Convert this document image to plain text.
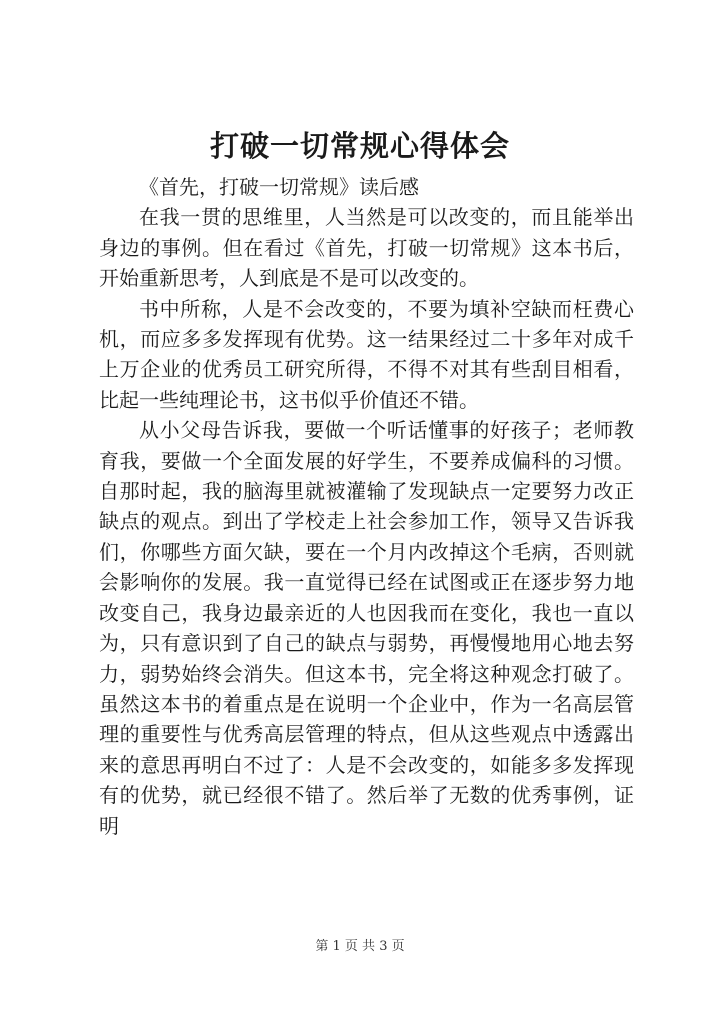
打破一切常规心得体会

《首先，打破一切常规》读后感

在我一贯的思维里，人当然是可以改变的，而且能举出身边的事例。但在看过《首先，打破一切常规》这本书后，开始重新思考，人到底是不是可以改变的。

书中所称，人是不会改变的，不要为填补空缺而枉费心机，而应多多发挥现有优势。这一结果经过二十多年对成千上万企业的优秀员工研究所得，不得不对其有些刮目相看，比起一些纯理论书，这书似乎价值还不错。

从小父母告诉我，要做一个听话懂事的好孩子；老师教育我，要做一个全面发展的好学生，不要养成偏科的习惯。自那时起，我的脑海里就被灌输了发现缺点一定要努力改正缺点的观点。到出了学校走上社会参加工作，领导又告诉我们，你哪些方面欠缺，要在一个月内改掉这个毛病，否则就会影响你的发展。我一直觉得已经在试图或正在逐步努力地改变自己，我身边最亲近的人也因我而在变化，我也一直以为，只有意识到了自己的缺点与弱势，再慢慢地用心地去努力，弱势始终会消失。但这本书，完全将这种观念打破了。虽然这本书的着重点是在说明一个企业中，作为一名高层管理的重要性与优秀高层管理的特点，但从这些观点中透露出来的意思再明白不过了：人是不会改变的，如能多多发挥现有的优势，就已经很不错了。然后举了无数的优秀事例，证明

第 1 页 共 3 页
